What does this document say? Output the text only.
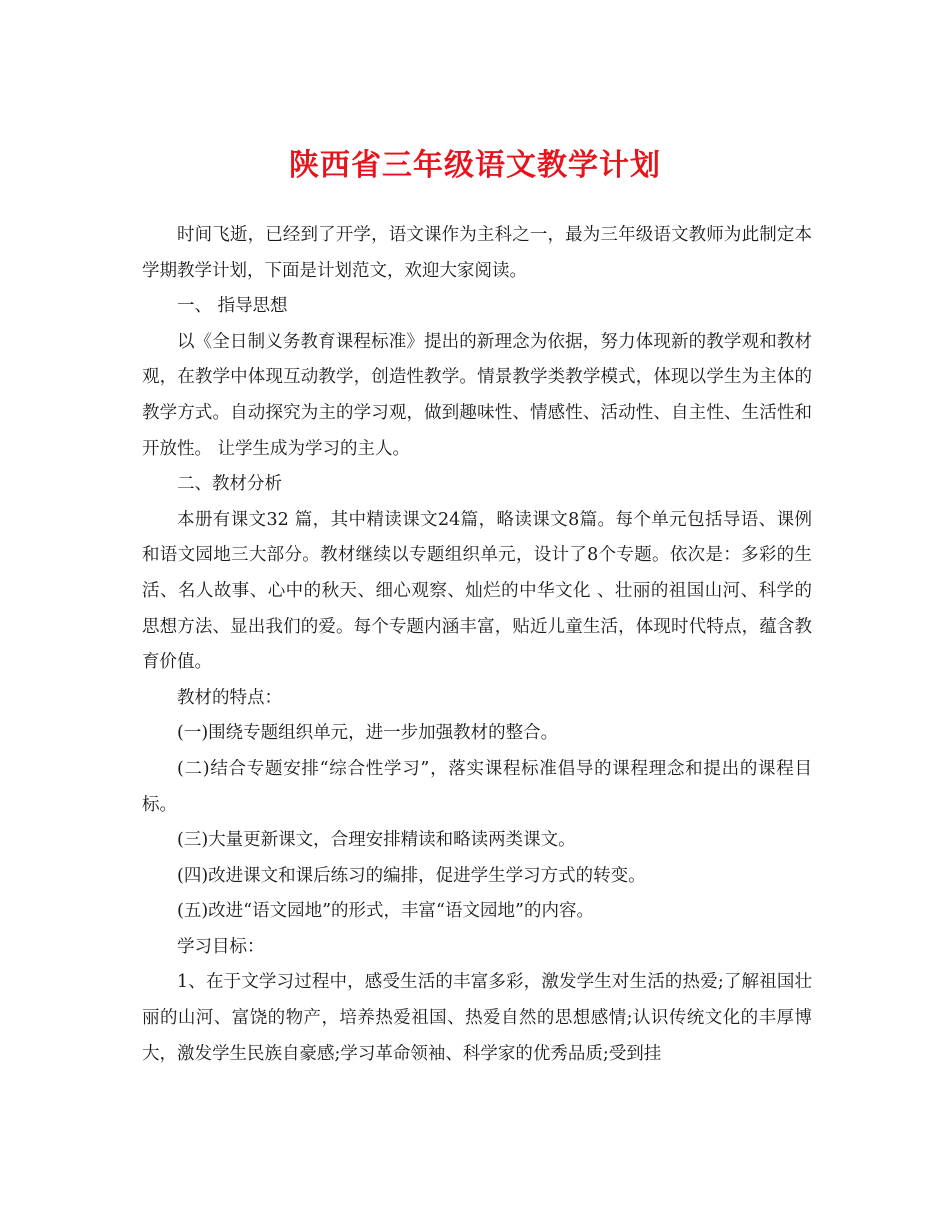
陕西省三年级语文教学计划

时间飞逝，已经到了开学，语文课作为主科之一，最为三年级语文教师为此制定本学期教学计划，下面是计划范文，欢迎大家阅读。

一、 指导思想

以《全日制义务教育课程标准》提出的新理念为依据，努力体现新的教学观和教材观，在教学中体现互动教学，创造性教学。情景教学类教学模式，体现以学生为主体的教学方式。自动探究为主的学习观，做到趣味性、情感性、活动性、自主性、生活性和开放性。 让学生成为学习的主人。

二、教材分析

本册有课文32 篇，其中精读课文24篇，略读课文8篇。每个单元包括导语、课例和语文园地三大部分。教材继续以专题组织单元，设计了8个专题。依次是：多彩的生活、名人故事、心中的秋天、细心观察、灿烂的中华文化 、壮丽的祖国山河、科学的思想方法、显出我们的爱。每个专题内涵丰富，贴近儿童生活，体现时代特点，蕴含教育价值。

教材的特点：

(一)围绕专题组织单元，进一步加强教材的整合。

(二)结合专题安排“综合性学习”，落实课程标准倡导的课程理念和提出的课程目标。

(三)大量更新课文，合理安排精读和略读两类课文。

(四)改进课文和课后练习的编排，促进学生学习方式的转变。

(五)改进“语文园地”的形式，丰富“语文园地”的内容。

学习目标：

1、在于文学习过程中，感受生活的丰富多彩，激发学生对生活的热爱;了解祖国壮丽的山河、富饶的物产，培养热爱祖国、热爱自然的思想感情;认识传统文化的丰厚博大，激发学生民族自豪感;学习革命领袖、科学家的优秀品质;受到挂
